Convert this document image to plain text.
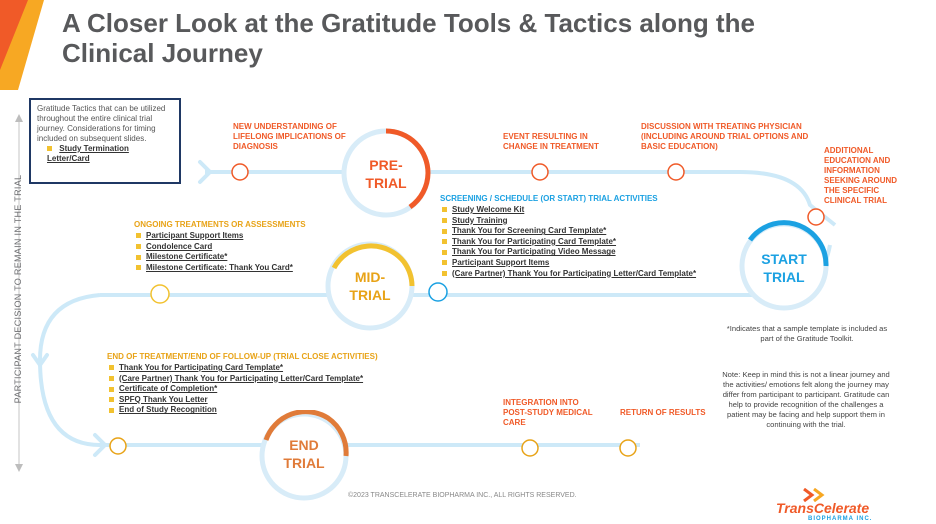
A Closer Look at the Gratitude Tools & Tactics along the Clinical Journey
PRE-
TRIAL
START
TRIAL
MID-
TRIAL
END
TRIAL
PARTICIPANT DECISION TO REMAIN IN THE TRIAL
Gratitude Tactics that can be utilized throughout the entire clinical trial journey. Considerations for timing included on subsequent slides.
Study Termination Letter/Card
NEW UNDERSTANDING OF LIFELONG IMPLICATIONS OF DIAGNOSIS
EVENT RESULTING IN CHANGE IN TREATMENT
DISCUSSION WITH TREATING PHYSICIAN (INCLUDING AROUND TRIAL OPTIONS AND BASIC EDUCATION)	ADDITIONAL EDUCATION AND INFORMATION SEEKING AROUND THE SPECIFIC CLINICAL TRIAL
SCREENING / SCHEDULE (OR START) TRIAL ACTIVITIES
Study Welcome Kit
Study Training
Thank You for Screening Card Template*
Thank You for Participating Card Template*
Thank You for Participating Video Message
Participant Support Items
(Care Partner) Thank You for Participating Letter/Card Template*
ONGOING TREATMENTS OR ASSESSMENTS
Participant Support Items
Condolence Card
Milestone Certificate*
Milestone Certificate: Thank You Card*
END OF TREATMENT/END OF FOLLOW-UP (TRIAL CLOSE ACTIVITIES)
Thank You for Participating Card Template*
(Care Partner) Thank You for Participating Letter/Card Template*
Certificate of Completion*
SPFQ Thank You Letter
End of Study Recognition
INTEGRATION INTO POST-STUDY MEDICAL CARE
RETURN OF RESULTS
*Indicates that a sample template is included as part of the Gratitude Toolkit.
Note: Keep in mind this is not a linear journey and the activities/ emotions felt along the journey may differ from participant to participant. Gratitude can help to provide recognition of the challenges a patient may be facing and help support them in continuing with the trial.
©2023 TRANSCELERATE BIOPHARMA INC., ALL RIGHTS RESERVED.
TransCelerate
BIOPHARMA INC.
